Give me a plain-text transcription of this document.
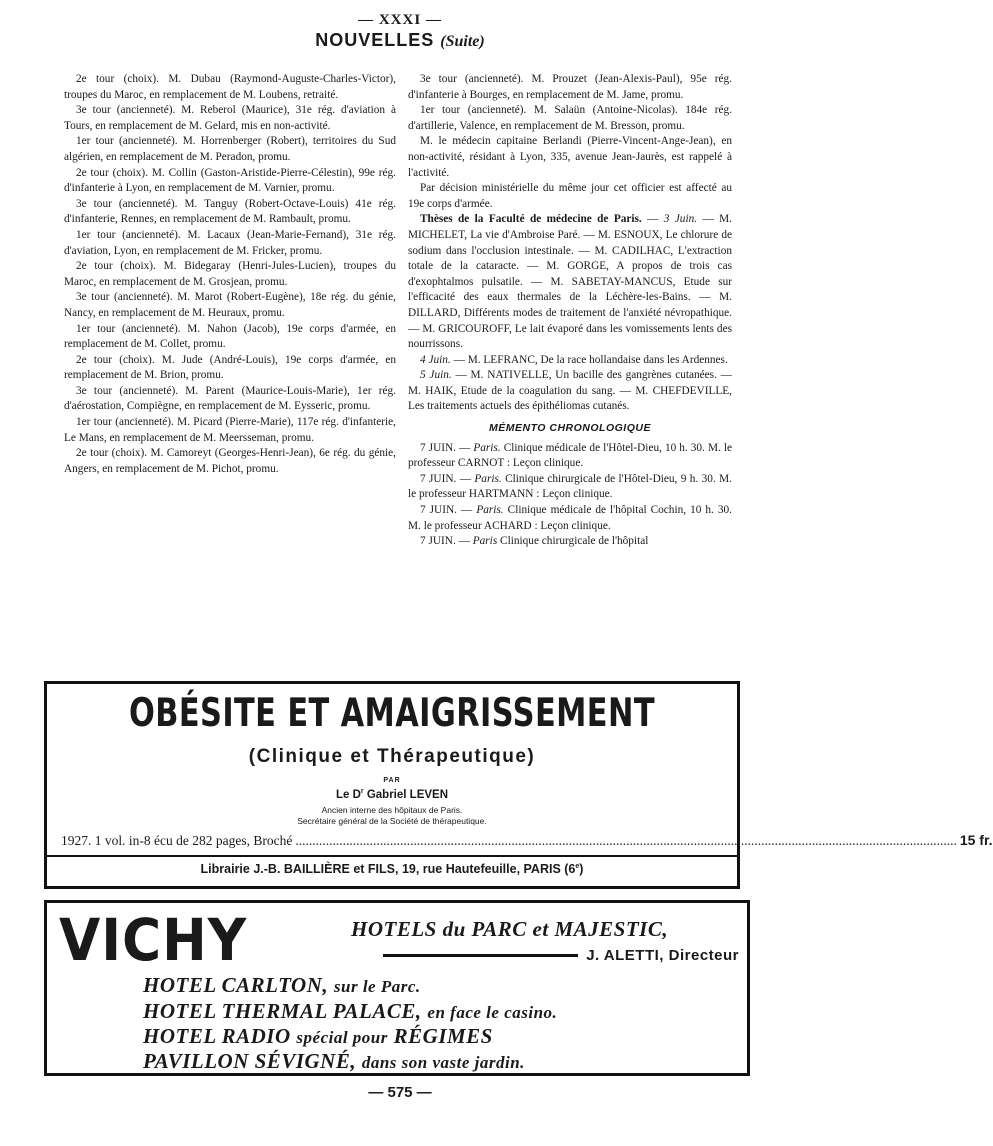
— XXXI —
NOUVELLES (Suite)

2e tour (choix). M. Dubau (Raymond-Auguste-Charles-Victor), troupes du Maroc, en remplacement de M. Loubens, retraité.

3e tour (ancienneté). M. Reberol (Maurice), 31e rég. d'aviation à Tours, en remplacement de M. Gelard, mis en non-activité.

1er tour (ancienneté). M. Horrenberger (Robert), territoires du Sud algérien, en remplacement de M. Peradon, promu.

2e tour (choix). M. Collin (Gaston-Aristide-Pierre-Célestin), 99e rég. d'infanterie à Lyon, en remplacement de M. Varnier, promu.

3e tour (ancienneté). M. Tanguy (Robert-Octave-Louis) 41e rég. d'infanterie, Rennes, en remplacement de M. Rambault, promu.

1er tour (ancienneté). M. Lacaux (Jean-Marie-Fernand), 31e rég. d'aviation, Lyon, en remplacement de M. Fricker, promu.

2e tour (choix). M. Bidegaray (Henri-Jules-Lucien), troupes du Maroc, en remplacement de M. Grosjean, promu.

3e tour (ancienneté). M. Marot (Robert-Eugène), 18e rég. du génie, Nancy, en remplacement de M. Heuraux, promu.

1er tour (ancienneté). M. Nahon (Jacob), 19e corps d'armée, en remplacement de M. Collet, promu.

2e tour (choix). M. Jude (André-Louis), 19e corps d'armée, en remplacement de M. Brion, promu.

3e tour (ancienneté). M. Parent (Maurice-Louis-Marie), 1er rég. d'aérostation, Compiègne, en remplacement de M. Eysseric, promu.

1er tour (ancienneté). M. Picard (Pierre-Marie), 117e rég. d'infanterie, Le Mans, en remplacement de M. Meersseman, promu.

2e tour (choix). M. Camoreyt (Georges-Henri-Jean), 6e rég. du génie, Angers, en remplacement de M. Pichot, promu.

3e tour (ancienneté). M. Prouzet (Jean-Alexis-Paul), 95e rég. d'infanterie à Bourges, en remplacement de M. Jame, promu.

1er tour (ancienneté). M. Salaün (Antoine-Nicolas). 184e rég. d'artillerie, Valence, en remplacement de M. Bresson, promu.

M. le médecin capitaine Berlandi (Pierre-Vincent-Ange-Jean), en non-activité, résidant à Lyon, 335, avenue Jean-Jaurès, est rappelé à l'activité.

Par décision ministérielle du même jour cet officier est affecté au 19e corps d'armée.

Thèses de la Faculté de médecine de Paris. — 3 Juin. — M. MICHELET, La vie d'Ambroise Paré. — M. ESNOUX, Le chlorure de sodium dans l'occlusion intestinale. — M. CADILHAC, L'extraction totale de la cataracte. — M. GORGE, A propos de trois cas d'exophtalmos pulsatile. — M. SABETAY-MANCUS, Etude sur l'efficacité des eaux thermales de la Léchère-les-Bains. — M. DILLARD, Différents modes de traitement de l'anxiété névropathique. — M. GRICOUROFF, Le lait évaporé dans les vomissements lents des nourrissons.

4 Juin. — M. LEFRANC, De la race hollandaise dans les Ardennes.

5 Juin. — M. NATIVELLE, Un bacille des gangrènes cutanées. — M. HAIK, Etude de la coagulation du sang. — M. CHEFDEVILLE, Les traitements actuels des épithéliomas cutanés.

MÉMENTO CHRONOLOGIQUE

7 JUIN. — Paris. Clinique médicale de l'Hôtel-Dieu, 10 h. 30. M. le professeur CARNOT : Leçon clinique.

7 JUIN. — Paris. Clinique chirurgicale de l'Hôtel-Dieu, 9 h. 30. M. le professeur HARTMANN : Leçon clinique.

7 JUIN. — Paris. Clinique médicale de l'hôpital Cochin, 10 h. 30. M. le professeur ACHARD : Leçon clinique.

7 JUIN. — Paris Clinique chirurgicale de l'hôpital

OBÉSITE ET AMAIGRISSEMENT
(Clinique et Thérapeutique)
PAR
Le $D^r$ Gabriel LEVEN
Ancien interne des hôpitaux de Paris.
Secrétaire général de la Société de thérapeutique.
1927. 1 vol. in-8 écu de 282 pages, Broché .................................................................................................................................................................................................... 15 fr.
Librairie J.-B. BAILLIÈRE et FILS, 19, rue Hautefeuille, PARIS (6e)
VICHY	HOTELS du PARC et MAJESTIC,
J. ALETTI, Directeur
HOTEL CARLTON, sur le Parc.
HOTEL THERMAL PALACE, en face le casino.
HOTEL RADIO spécial pour RÉGIMES
PAVILLON SÉVIGNÉ, dans son vaste jardin.
— 575 —
